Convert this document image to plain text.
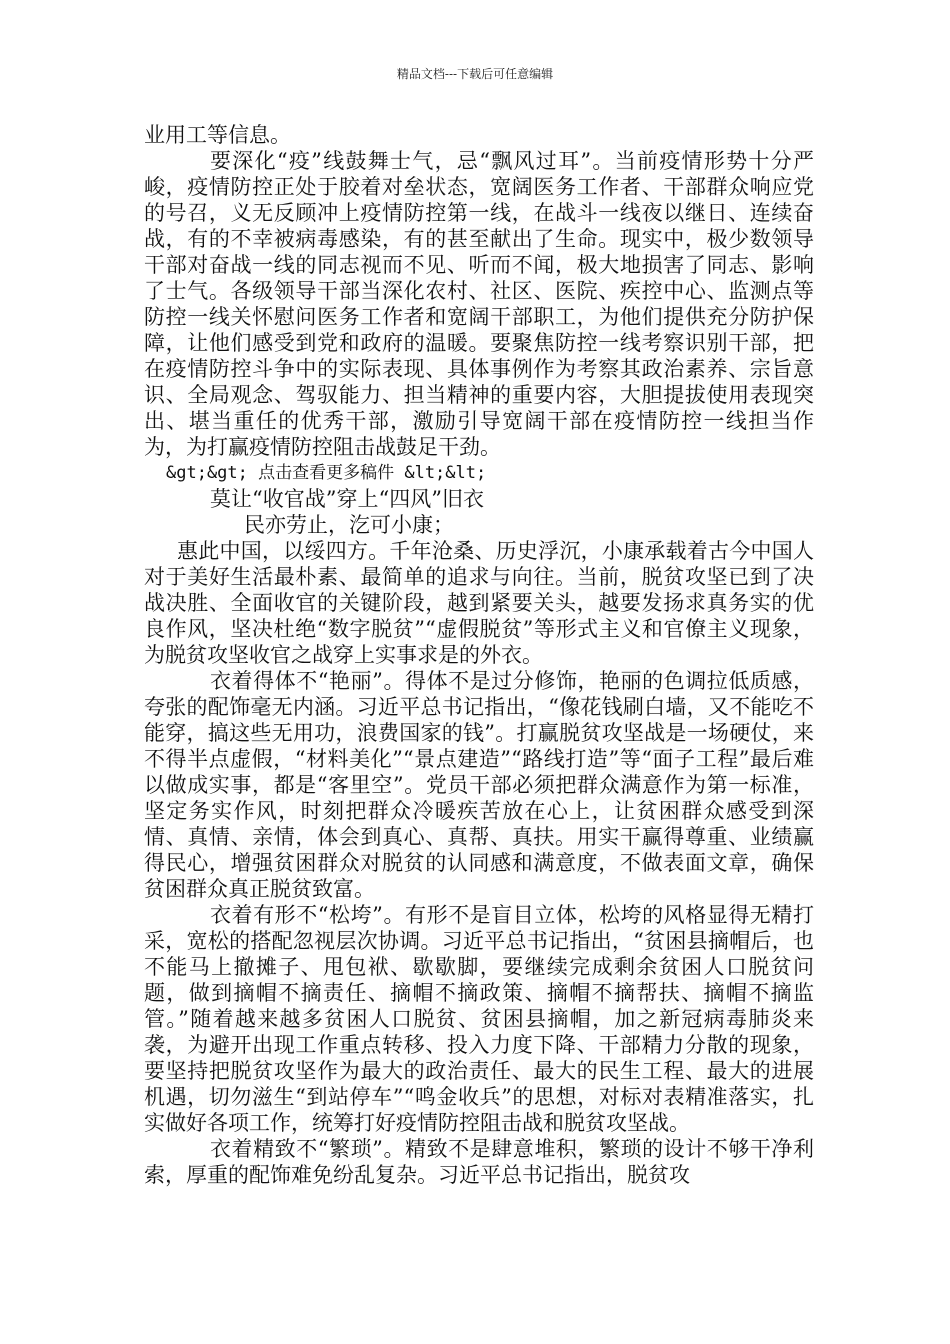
精品文档---下载后可任意编辑

业用工等信息。

要深化“疫”线鼓舞士气，忌“飘风过耳”。当前疫情形势十分严峻，疫情防控正处于胶着对垒状态，宽阔医务工作者、干部群众响应党的号召，义无反顾冲上疫情防控第一线，在战斗一线夜以继日、连续奋战，有的不幸被病毒感染，有的甚至献出了生命。现实中，极少数领导干部对奋战一线的同志视而不见、听而不闻，极大地损害了同志、影响了士气。各级领导干部当深化农村、社区、医院、疾控中心、监测点等防控一线关怀慰问医务工作者和宽阔干部职工，为他们提供充分防护保障，让他们感受到党和政府的温暖。要聚焦防控一线考察识别干部，把在疫情防控斗争中的实际表现、具体事例作为考察其政治素养、宗旨意识、全局观念、驾驭能力、担当精神的重要内容，大胆提拔使用表现突出、堪当重任的优秀干部，激励引导宽阔干部在疫情防控一线担当作为，为打赢疫情防控阻击战鼓足干劲。

&gt;&gt; 点击查看更多稿件 &lt;&lt;

莫让“收官战”穿上“四风”旧衣

民亦劳止，汔可小康；

惠此中国，以绥四方。千年沧桑、历史浮沉，小康承载着古今中国人对于美好生活最朴素、最简单的追求与向往。当前，脱贫攻坚已到了决战决胜、全面收官的关键阶段，越到紧要关头，越要发扬求真务实的优良作风，坚决杜绝“数字脱贫”“虚假脱贫”等形式主义和官僚主义现象，为脱贫攻坚收官之战穿上实事求是的外衣。

衣着得体不“艳丽”。得体不是过分修饰，艳丽的色调拉低质感，夸张的配饰毫无内涵。习近平总书记指出，“像花钱刷白墙，又不能吃不能穿，搞这些无用功，浪费国家的钱”。打赢脱贫攻坚战是一场硬仗，来不得半点虚假，“材料美化”“景点建造”“路线打造”等“面子工程”最后难以做成实事，都是“客里空”。党员干部必须把群众满意作为第一标准，坚定务实作风，时刻把群众冷暖疾苦放在心上，让贫困群众感受到深情、真情、亲情，体会到真心、真帮、真扶。用实干赢得尊重、业绩赢得民心，增强贫困群众对脱贫的认同感和满意度，不做表面文章，确保贫困群众真正脱贫致富。

衣着有形不“松垮”。有形不是盲目立体，松垮的风格显得无精打采，宽松的搭配忽视层次协调。习近平总书记指出，“贫困县摘帽后，也不能马上撤摊子、甩包袱、歇歇脚，要继续完成剩余贫困人口脱贫问题，做到摘帽不摘责任、摘帽不摘政策、摘帽不摘帮扶、摘帽不摘监管。”随着越来越多贫困人口脱贫、贫困县摘帽，加之新冠病毒肺炎来袭，为避开出现工作重点转移、投入力度下降、干部精力分散的现象，要坚持把脱贫攻坚作为最大的政治责任、最大的民生工程、最大的进展机遇，切勿滋生“到站停车”“鸣金收兵”的思想，对标对表精准落实，扎实做好各项工作，统筹打好疫情防控阻击战和脱贫攻坚战。

衣着精致不“繁琐”。精致不是肆意堆积，繁琐的设计不够干净利索，厚重的配饰难免纷乱复杂。习近平总书记指出，脱贫攻
